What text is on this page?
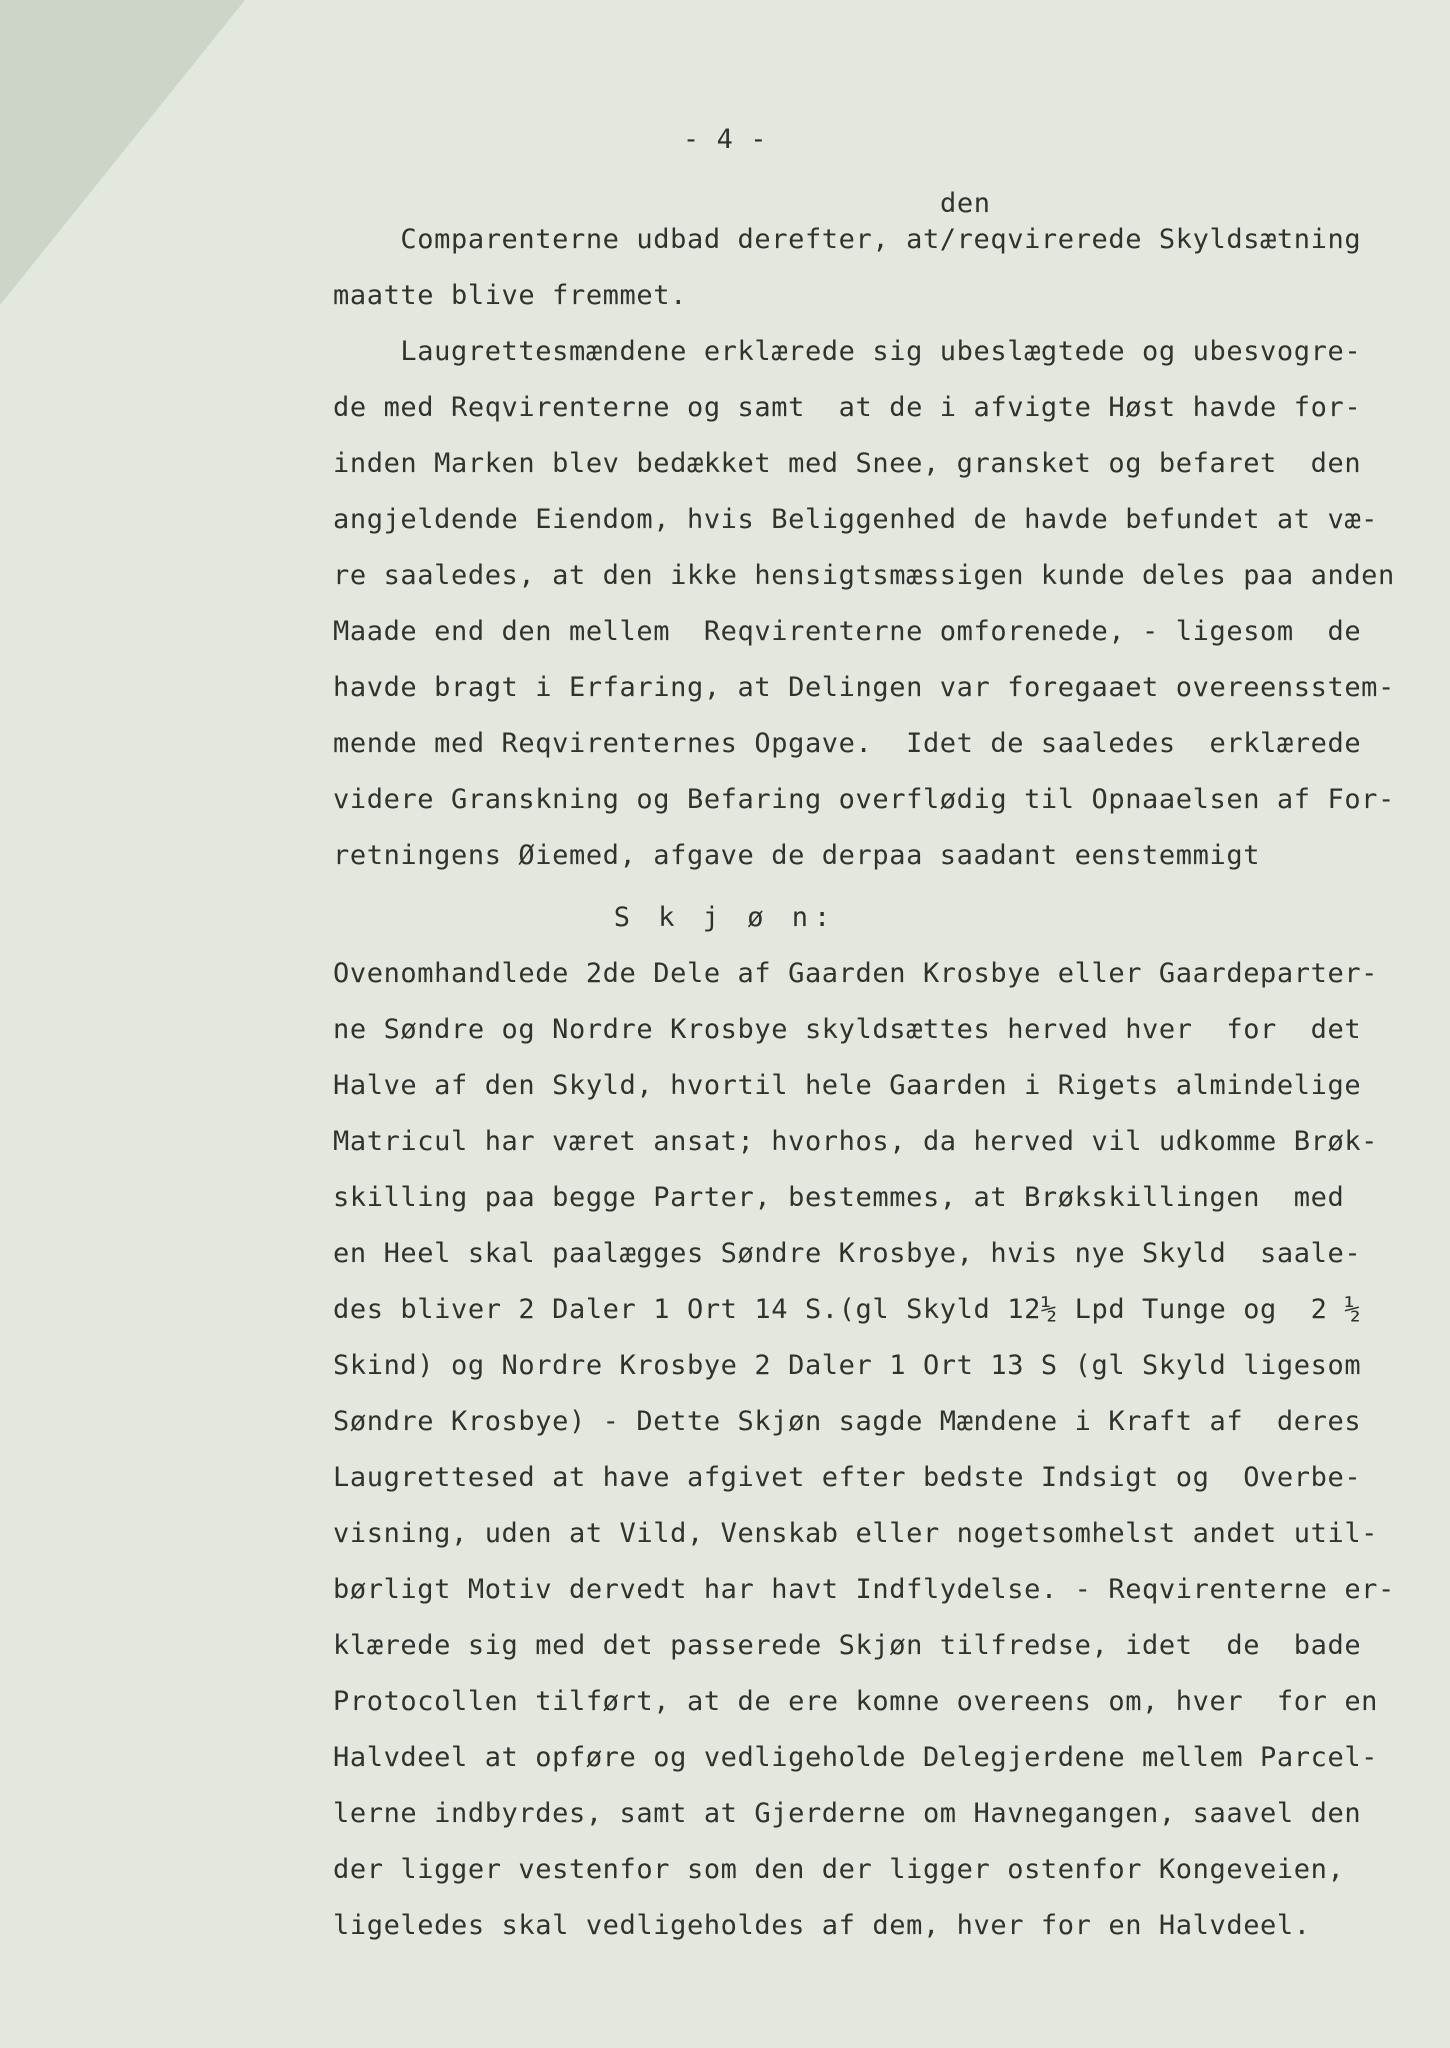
- 4 -
den
Comparenterne udbad derefter, at/reqvirerede Skyldsætning
maatte blive fremmet.
Laugrettesmændene erklærede sig ubeslægtede og ubesvogre-
de med Reqvirenterne og samt  at de i afvigte Høst havde for-
inden Marken blev bedækket med Snee, gransket og befaret  den
angjeldende Eiendom, hvis Beliggenhed de havde befundet at væ-
re saaledes, at den ikke hensigtsmæssigen kunde deles paa anden
Maade end den mellem  Reqvirenterne omforenede, - ligesom  de
havde bragt i Erfaring, at Delingen var foregaaet overeensstem-
mende med Reqvirenternes Opgave.  Idet de saaledes  erklærede
videre Granskning og Befaring overflødig til Opnaaelsen af For-
retningens Øiemed, afgave de derpaa saadant eenstemmigt
S k j ø n:
Ovenomhandlede 2de Dele af Gaarden Krosbye eller Gaardeparter-
ne Søndre og Nordre Krosbye skyldsættes herved hver  for  det
Halve af den Skyld, hvortil hele Gaarden i Rigets almindelige
Matricul har været ansat; hvorhos, da herved vil udkomme Brøk-
skilling paa begge Parter, bestemmes, at Brøkskillingen  med
en Heel skal paalægges Søndre Krosbye, hvis nye Skyld  saale-
des bliver 2 Daler 1 Ort 14 S.(gl Skyld 12½ Lpd Tunge og  2 ½
Skind) og Nordre Krosbye 2 Daler 1 Ort 13 S (gl Skyld ligesom
Søndre Krosbye) - Dette Skjøn sagde Mændene i Kraft af  deres
Laugrettesed at have afgivet efter bedste Indsigt og  Overbe-
visning, uden at Vild, Venskab eller nogetsomhelst andet util-
børligt Motiv dervedt har havt Indflydelse. - Reqvirenterne er-
klærede sig med det passerede Skjøn tilfredse, idet  de  bade
Protocollen tilført, at de ere komne overeens om, hver  for en
Halvdeel at opføre og vedligeholde Delegjerdene mellem Parcel-
lerne indbyrdes, samt at Gjerderne om Havnegangen, saavel den
der ligger vestenfor som den der ligger ostenfor Kongeveien,
ligeledes skal vedligeholdes af dem, hver for en Halvdeel.
